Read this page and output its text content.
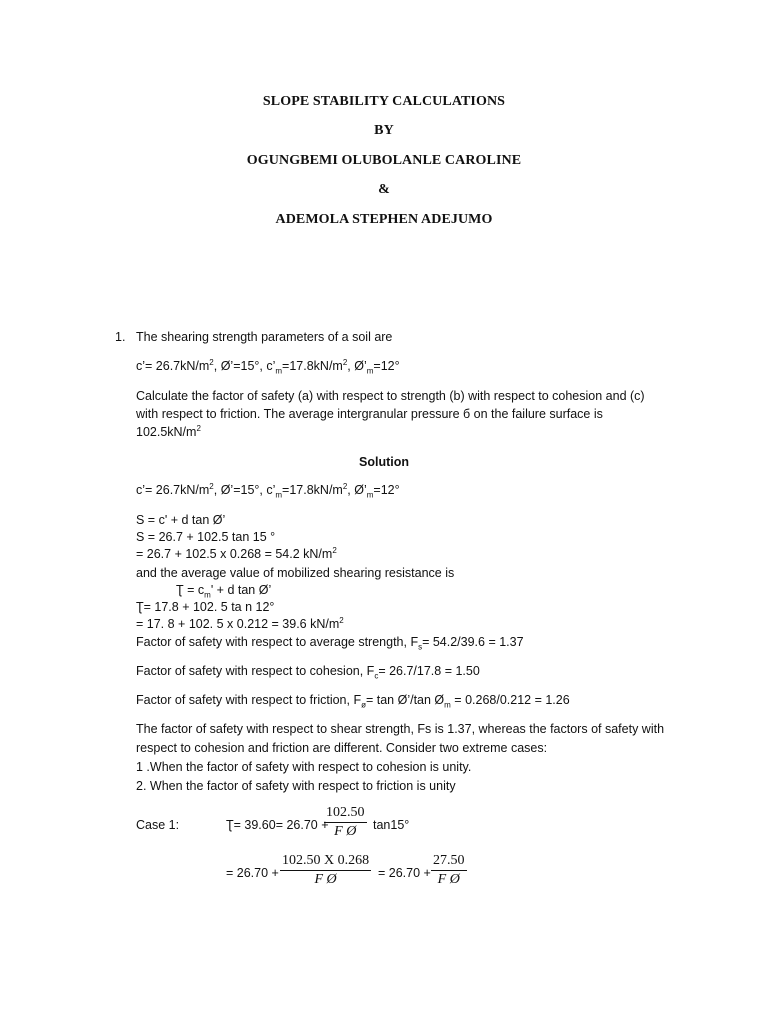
SLOPE STABILITY CALCULATIONS
BY
OGUNGBEMI OLUBOLANLE CAROLINE
&
ADEMOLA STEPHEN ADEJUMO
1. The shearing strength parameters of a soil are
c’= $26.7kN/m^2$, Ø’=15°, $c’_m=17.8kN/m^2$, $Ø’_m=12^\circ$
Calculate the factor of safety (a) with respect to strength (b) with respect to cohesion and (c)
with respect to friction. The average intergranular pressure б on the failure surface is
$102.5kN/m^2$
Solution
c’= $26.7kN/m^2$, Ø’=15°, $c’_m=17.8kN/m^2$, $Ø’_m=12^\circ$
S = c' + d tan Ø’
S = 26.7 + 102.5 tan 15 °
= 26.7 + 102.5 x 0.268 = 54.2 $kN/m^2$
and the average value of mobilized shearing resistance is
Ʈ = $c_m' + d$ tan Ø’
Ʈ= 17.8 + 102. 5 ta n 12°
= 17. 8 + 102. 5 x 0.212 = 39.6 $kN/m^2$
Factor of safety with respect to average strength, $F_s= 54.2/39.6 = 1.37$
Factor of safety with respect to cohesion, $F_c= 26.7/17.8 = 1.50$
Factor of safety with respect to friction, $F_ø= \tan$ Ø’/tan $Ø_m = 0.268/0.212 = 1.26$
The factor of safety with respect to shear strength, Fs is 1.37, whereas the factors of safety with
respect to cohesion and friction are different. Consider two extreme cases:
1 .When the factor of safety with respect to cohesion is unity.
2. When the factor of safety with respect to friction is unity
Case 1:	Ʈ= 39.60= 26.70 +
$\frac{102.50}{\text{F Ø}} \tan 15^\circ$
= $26.70 + \frac{102.50 X 0.268}{\text{F Ø}} = 26.70 + \frac{27.50}{\text{F Ø}}$
